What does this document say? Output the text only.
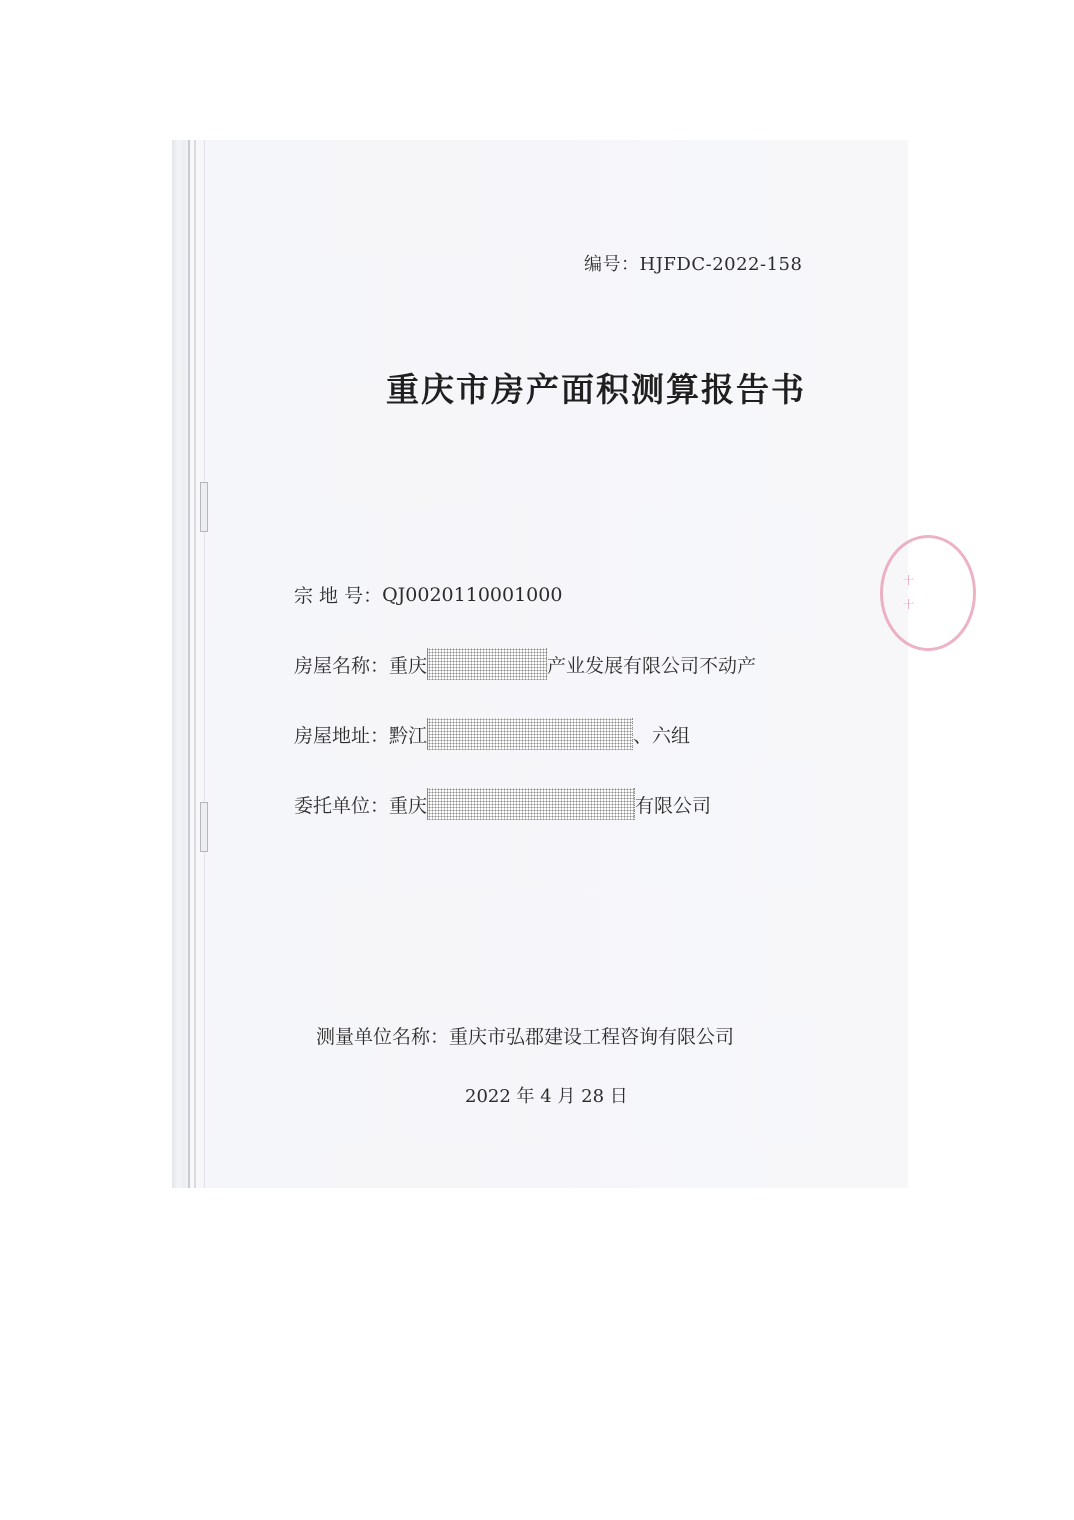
十
十
编号：HJFDC-2022-158
重庆市房产面积测算报告书
宗 地 号： QJ0020110001000
房屋名称： 重庆	产业发展有限公司不动产
房屋地址： 黔江	、六组
委托单位： 重庆	有限公司
测量单位名称：重庆市弘郡建设工程咨询有限公司
2022 年 4 月 28 日
